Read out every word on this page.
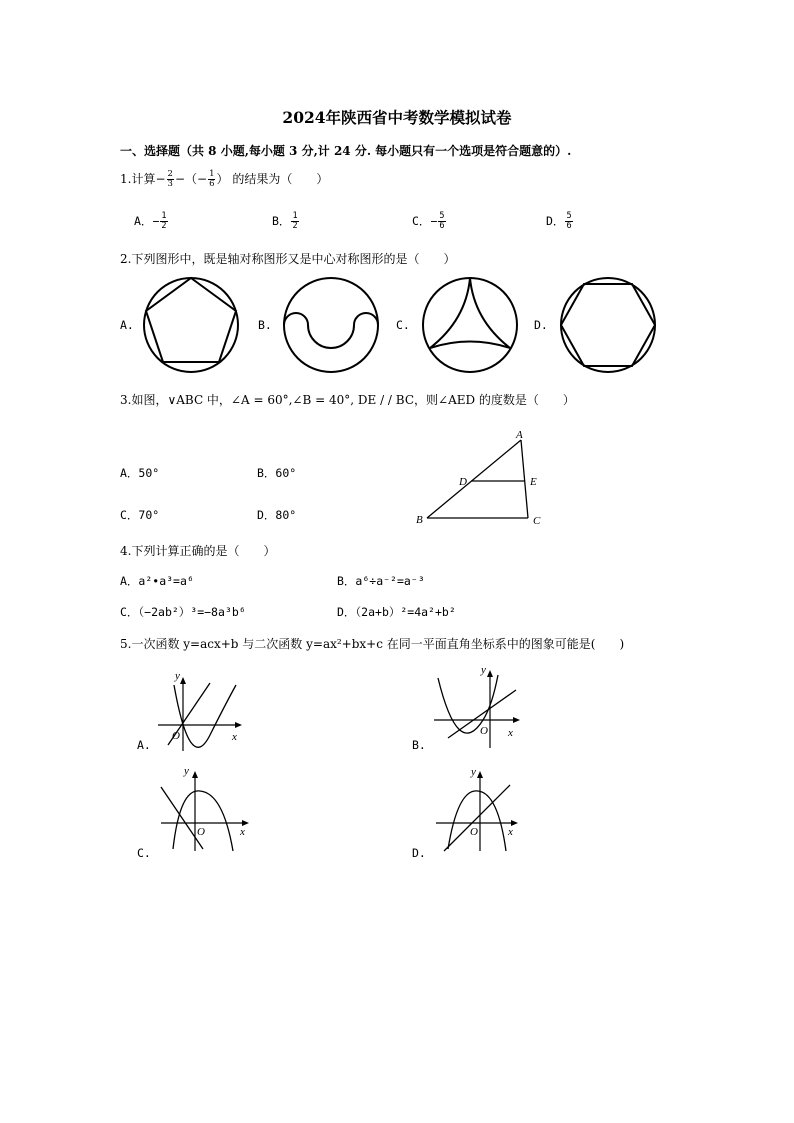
2024年陕西省中考数学模拟试卷
一、选择题（共 8 小题,每小题 3 分,计 24 分. 每小题只有一个选项是符合题意的）.
1.计算− $\frac{2}{3}$ −（− $\frac{1}{6}$ ） 的结果为（　　）
A．− $\frac{1}{2}$	B． $\frac{1}{2}$	C．− $\frac{5}{6}$	D． $\frac{5}{6}$
2.下列图形中，既是轴对称图形又是中心对称图形的是（　　）
A.	B.	C.	D.
3.如图，∨ABC 中，∠A = 60°,∠B = 40°, DE / / BC，则∠AED 的度数是（　　）
A．50°	B．60°
C．70°	D．80°
A
B	C
D	E
4.下列计算正确的是（　　）
A．a²•a³=a⁶	B．a⁶÷a⁻²=a⁻³
C．（−2ab²）³=−8a³b⁶	D．（2a+b）²=4a²+b²
5.一次函数 y=acx+b 与二次函数 y=ax²+bx+c 在同一平面直角坐标系中的图象可能是(　　)
A.
O	x
y
B.
O x
y
C.
O	x
y
D.
O	x
y
